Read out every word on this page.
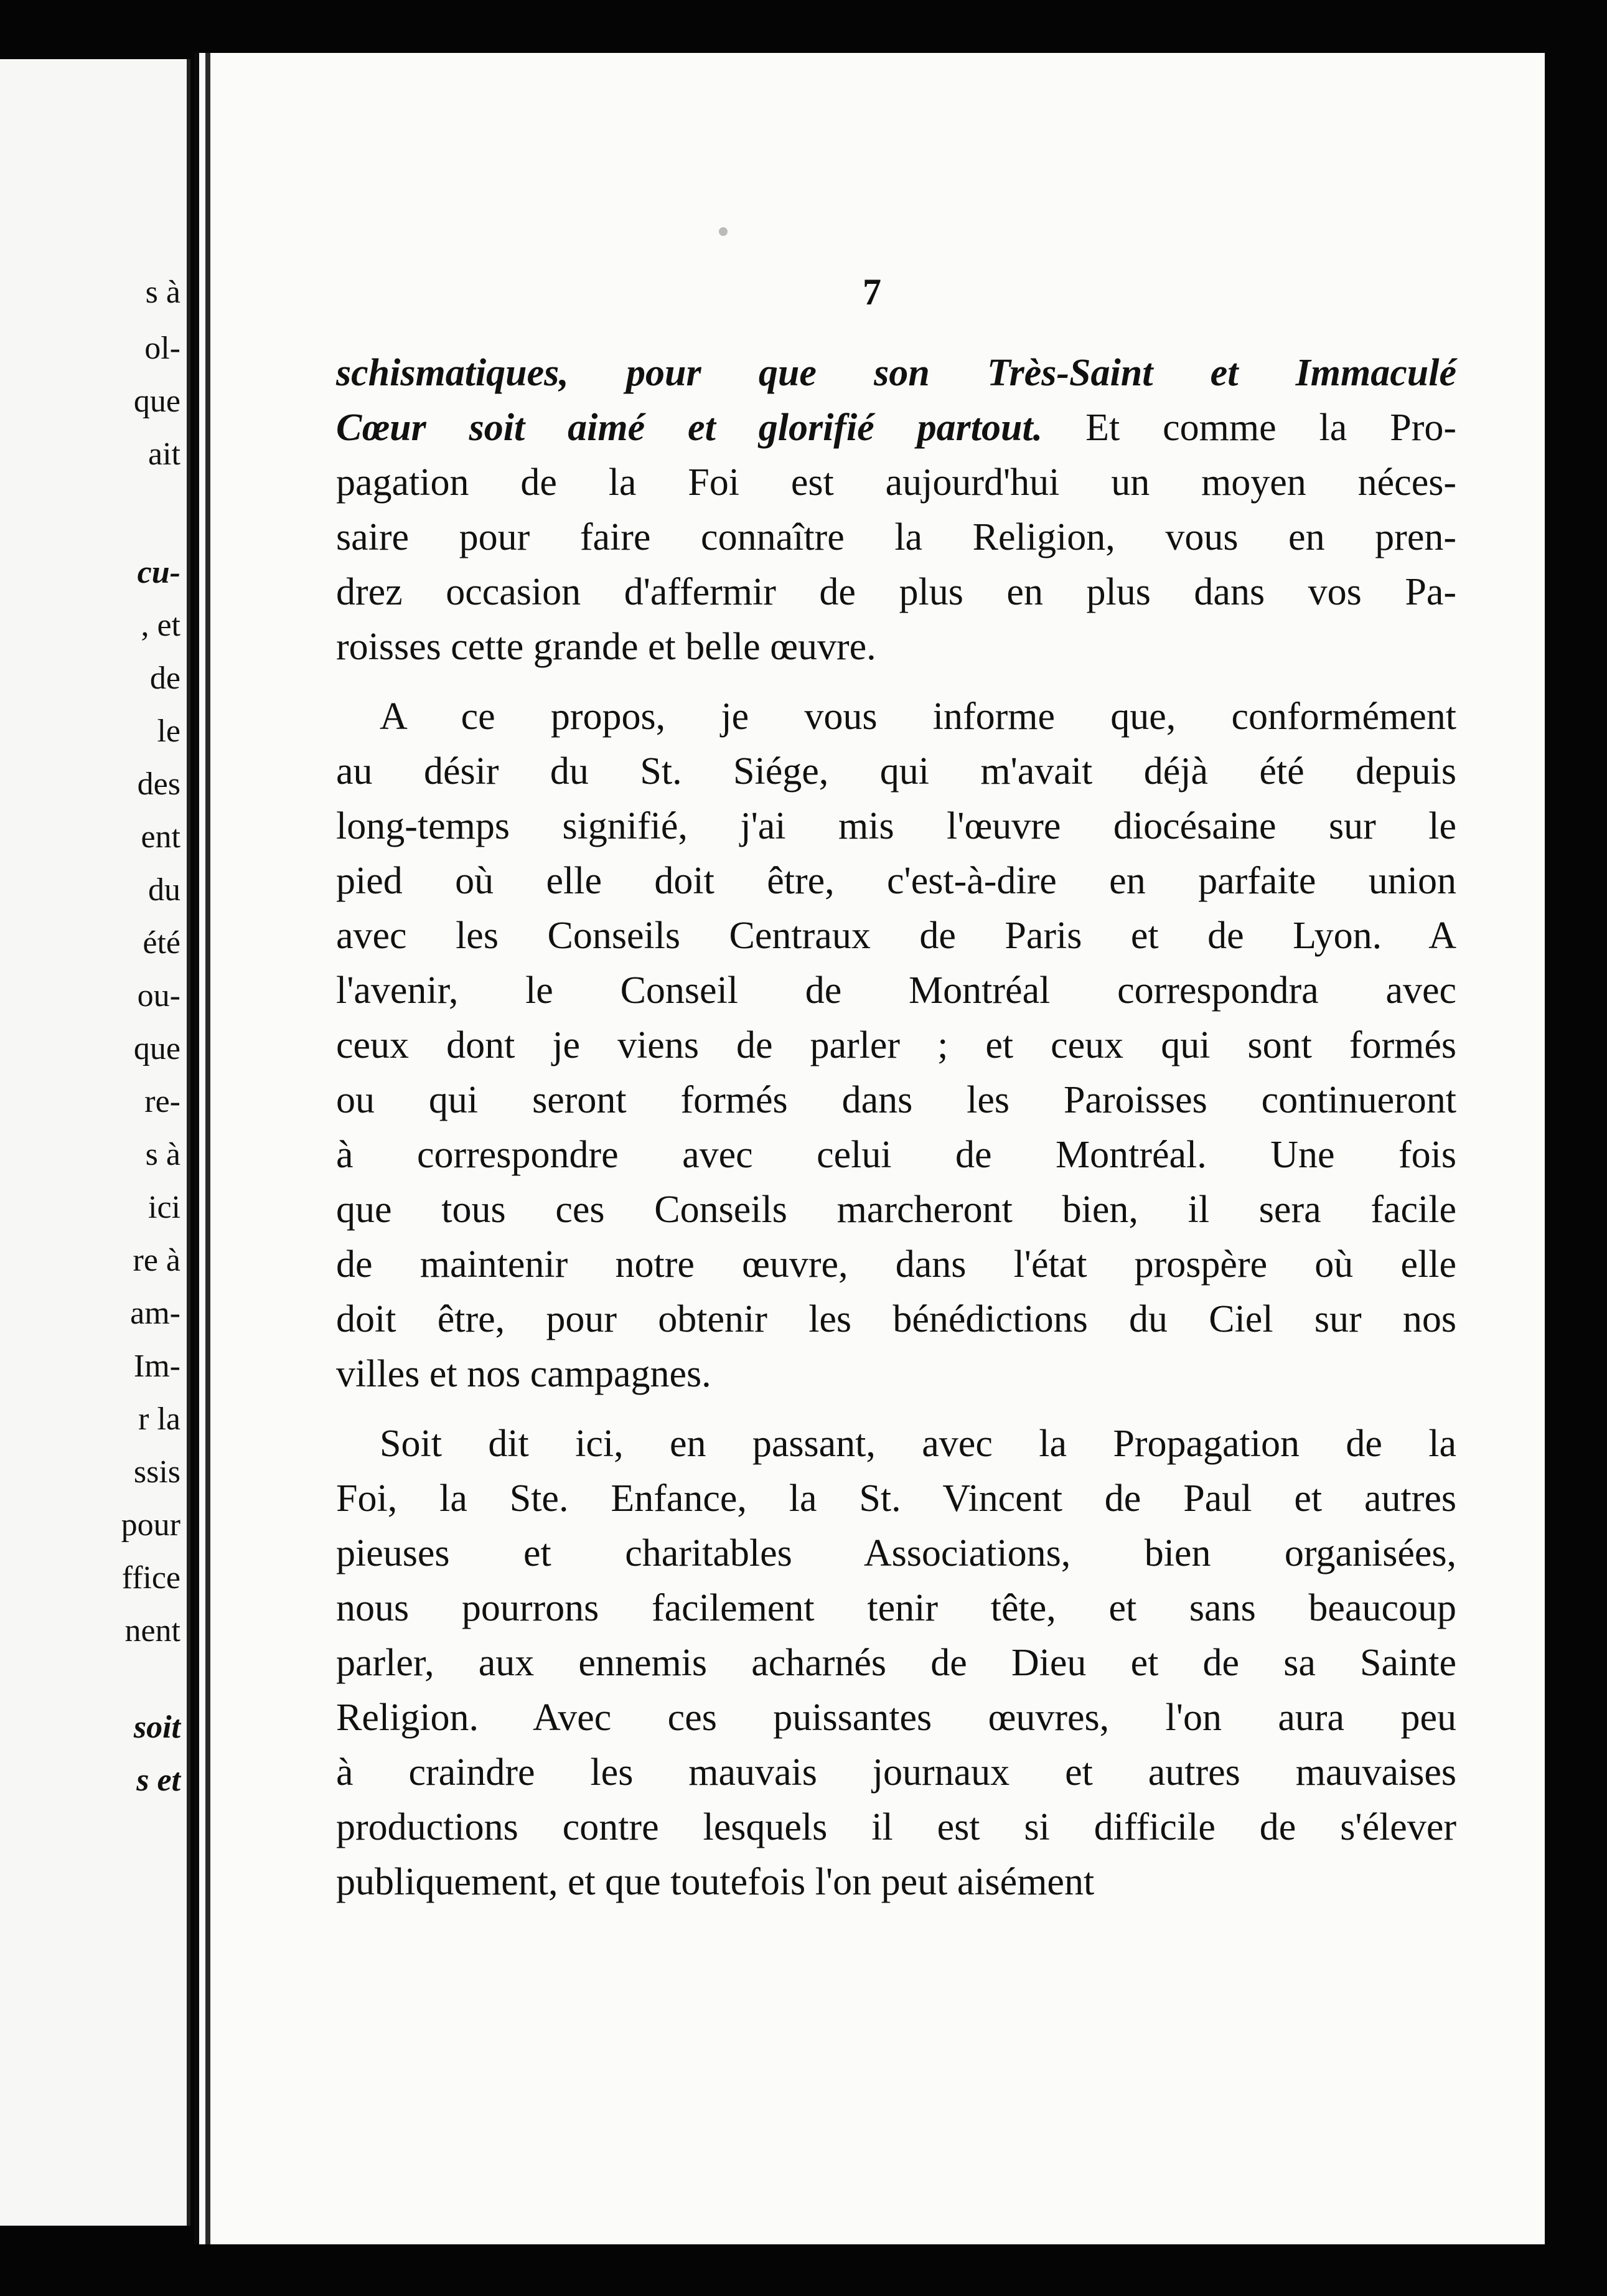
s à
ol-
que
ait
cu-
, et
de
le
des
ent
du
été
ou-
que
re-
s à
ici
re à
am-
Im-
r la
ssis
pour
ffice
nent
soit
s et
7
schismatiques, pour que son Très-Saint et Immaculé
Cœur soit aimé et glorifié partout. Et comme la Pro-
pagation de la Foi est aujourd'hui un moyen néces-
saire pour faire connaître la Religion, vous en pren-
drez occasion d'affermir de plus en plus dans vos Pa-
roisses cette grande et belle œuvre.
A ce propos, je vous informe que, conformément
au désir du St. Siége, qui m'avait déjà été depuis
long-temps signifié, j'ai mis l'œuvre diocésaine sur le
pied où elle doit être, c'est-à-dire en parfaite union
avec les Conseils Centraux de Paris et de Lyon. A
l'avenir, le Conseil de Montréal correspondra avec
ceux dont je viens de parler ; et ceux qui sont formés
ou qui seront formés dans les Paroisses continueront
à correspondre avec celui de Montréal. Une fois
que tous ces Conseils marcheront bien, il sera facile
de maintenir notre œuvre, dans l'état prospère où elle
doit être, pour obtenir les bénédictions du Ciel sur nos
villes et nos campagnes.
Soit dit ici, en passant, avec la Propagation de la
Foi, la Ste. Enfance, la St. Vincent de Paul et autres
pieuses et charitables Associations, bien organisées,
nous pourrons facilement tenir tête, et sans beaucoup
parler, aux ennemis acharnés de Dieu et de sa Sainte
Religion. Avec ces puissantes œuvres, l'on aura peu
à craindre les mauvais journaux et autres mauvaises
productions contre lesquels il est si difficile de s'élever
publiquement, et que toutefois l'on peut aisément
